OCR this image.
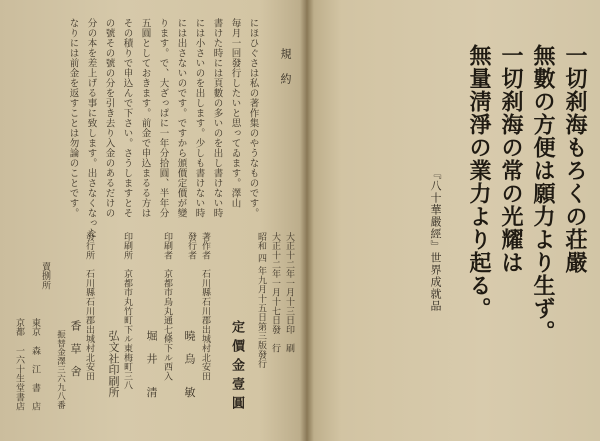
規約
にほひぐさは私の著作集のやうなものです。
毎月一回發行したいと思ってゐます。澤山
書けた時には頁數の多いのを出し書けない時
には小さいのを出します。少しも書けない時
には出さないのです。ですから頒價定價が變
ります。で、大ざっぱに一年分拾圓、半年分
五圓としておきます。前金で申込まるる方は
その積りで申込んで下さい。さうしますとそ
の號その號の分を引き去り入金のあるだけの
分の本を差上げる事に致します。出さなくなった
なりには前金を返すことは勿論のことです。
大正十二年一月十三日印　刷
大正十二年一月十七日發　行
昭和 四 年九月十五日第三版發行
定價金壹圓
著作者　石川縣石川郡出城村北安田
發行者
曉　烏　　敏
印刷者　京都市烏丸通七條下ル西入
堀　井　　清
印刷所　京都市丸竹町下ル東梅町三八
弘文社印刷所
發行所　石川縣石川郡出城村北安田
香　草　舍
振替金澤三六九八番
賣捌所
東京　森　江　書　店
京都　一六十生堂書店
一切刹海もろくの荘嚴
無數の方便は願力より生ず。
一切刹海の常の光耀は
無量淸淨の業力より起る。
『八十華嚴經』世界成就品
